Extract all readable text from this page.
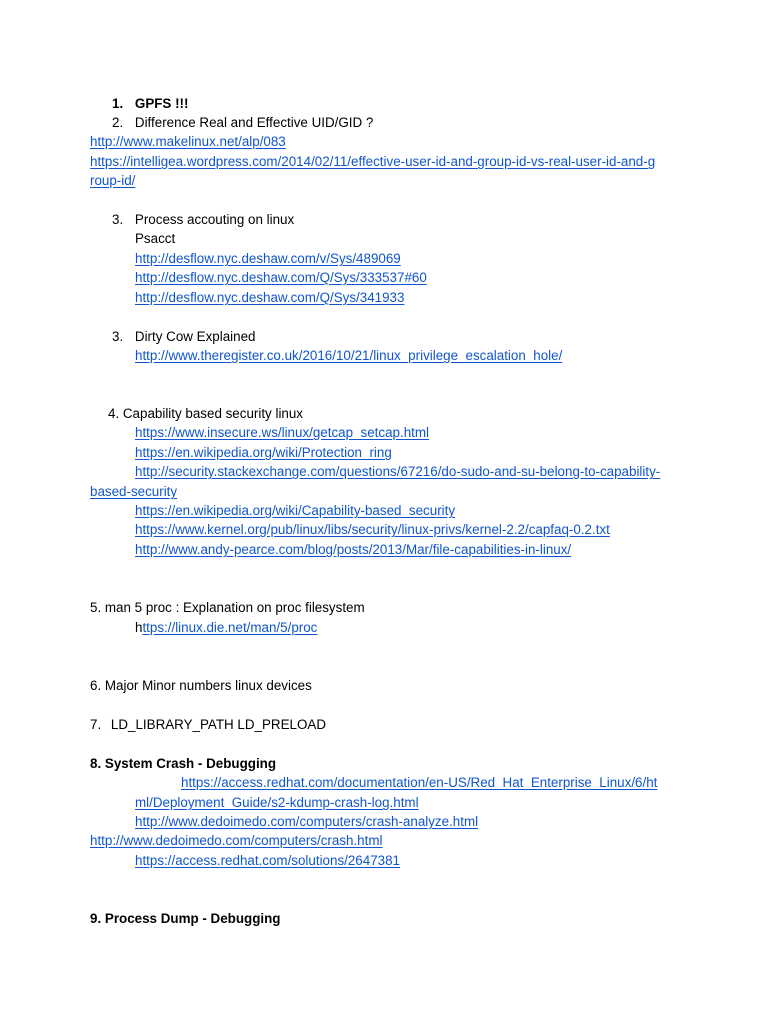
1. GPFS !!!
2. Difference Real and Effective UID/GID ?
http://www.makelinux.net/alp/083
https://intelligea.wordpress.com/2014/02/11/effective-user-id-and-group-id-vs-real-user-id-and-g
roup-id/
3. Process accouting on linux
Psacct
http://desflow.nyc.deshaw.com/v/Sys/489069
http://desflow.nyc.deshaw.com/Q/Sys/333537#60
http://desflow.nyc.deshaw.com/Q/Sys/341933
3. Dirty Cow Explained
http://www.theregister.co.uk/2016/10/21/linux_privilege_escalation_hole/
4. Capability based security linux
https://www.insecure.ws/linux/getcap_setcap.html
https://en.wikipedia.org/wiki/Protection_ring
http://security.stackexchange.com/questions/67216/do-sudo-and-su-belong-to-capability-
based-security
https://en.wikipedia.org/wiki/Capability-based_security
https://www.kernel.org/pub/linux/libs/security/linux-privs/kernel-2.2/capfaq-0.2.txt
http://www.andy-pearce.com/blog/posts/2013/Mar/file-capabilities-in-linux/
5. man 5 proc : Explanation on proc filesystem
https://linux.die.net/man/5/proc
6. Major Minor numbers linux devices
7. LD_LIBRARY_PATH LD_PRELOAD
8. System Crash - Debugging
https://access.redhat.com/documentation/en-US/Red_Hat_Enterprise_Linux/6/ht
ml/Deployment_Guide/s2-kdump-crash-log.html
http://www.dedoimedo.com/computers/crash-analyze.html
http://www.dedoimedo.com/computers/crash.html
https://access.redhat.com/solutions/2647381
9. Process Dump - Debugging
